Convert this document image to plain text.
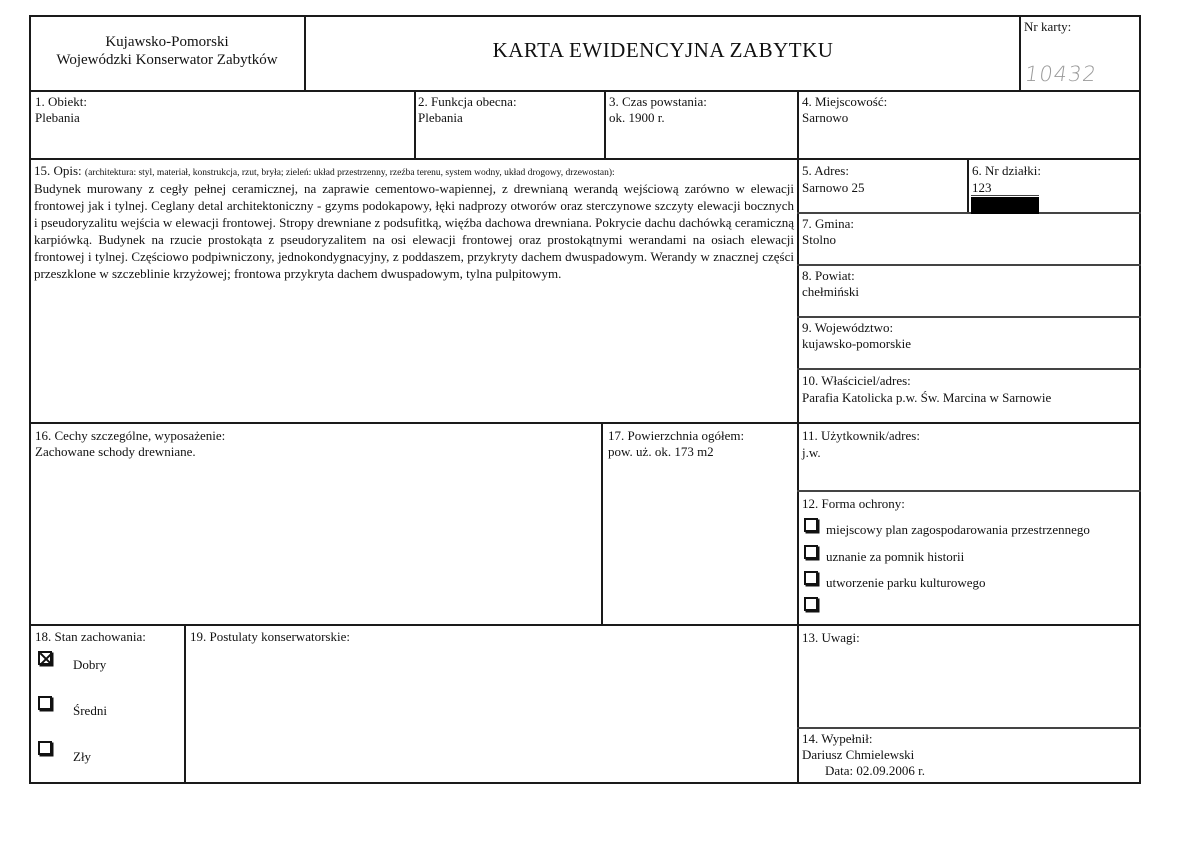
Kujawsko-Pomorski
Wojewódzki Konserwator Zabytków	KARTA EWIDENCYJNA ZABYTKU
Nr karty:
10432
1. Obiekt:
Plebania
2. Funkcja obecna:
Plebania
3. Czas powstania:
ok. 1900 r.
4. Miejscowość:
Sarnowo
15. Opis: (architektura: styl, materiał, konstrukcja, rzut, bryła; zieleń: układ przestrzenny, rzeźba terenu, system wodny, układ drogowy, drzewostan):
Budynek murowany z cegły pełnej ceramicznej, na zaprawie cementowo-wapiennej, z drewnianą werandą wejściową zarówno w elewacji frontowej jak i tylnej. Ceglany detal architektoniczny - gzyms podokapowy, łęki nadprozy otworów oraz sterczynowe szczyty elewacji bocznych i pseudoryzalitu wejścia w elewacji frontowej. Stropy drewniane z podsufitką, więźba dachowa drewniana. Pokrycie dachu dachówką ceramiczną karpiówką. Budynek na rzucie prostokąta z pseudoryzalitem na osi elewacji frontowej oraz prostokątnymi werandami na osiach elewacji frontowej i tylnej. Częściowo podpiwniczony, jednokondygnacyjny, z poddaszem, przykryty dachem dwuspadowym. Werandy w znacznej części przeszklone w szczeblinie krzyżowej; frontowa przykryta dachem dwuspadowym, tylna pulpitowym.
5. Adres:
Sarnowo 25
6. Nr działki:
123
7. Gmina:
Stolno
8. Powiat:
chełmiński
9. Województwo:
kujawsko-pomorskie
10. Właściciel/adres:
Parafia Katolicka p.w. Św. Marcina w Sarnowie
11. Użytkownik/adres:
j.w.
12. Forma ochrony:
miejscowy plan zagospodarowania przestrzennego
uznanie za pomnik historii
utworzenie parku kulturowego
16. Cechy szczególne, wyposażenie:
Zachowane schody drewniane.
17. Powierzchnia ogółem:
pow. uż. ok. 173 m2
18. Stan zachowania:
Dobry
Średni
Zły
19. Postulaty konserwatorskie:	13. Uwagi:
14. Wypełnił:
Dariusz Chmielewski
Data: 02.09.2006 r.
